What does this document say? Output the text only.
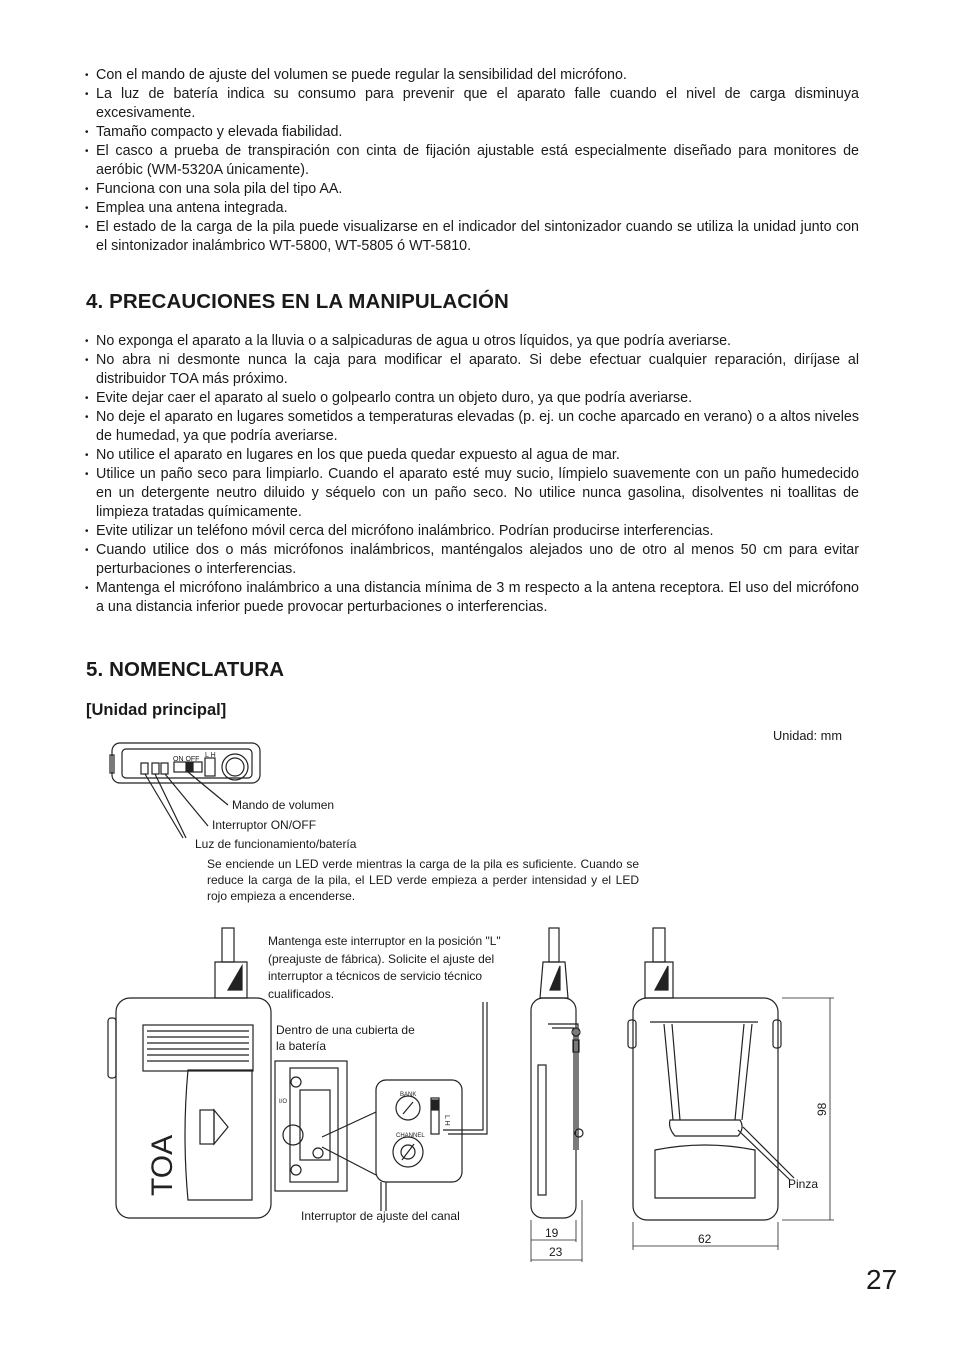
• Con el mando de ajuste del volumen se puede regular la sensibilidad del micrófono.
• La luz de batería indica su consumo para prevenir que el aparato falle cuando el nivel de carga disminuya excesivamente.
• Tamaño compacto y elevada fiabilidad.
• El casco a prueba de transpiración con cinta de fijación ajustable está especialmente diseñado para monitores de aeróbic (WM-5320A únicamente).
• Funciona con una sola pila del tipo AA.
• Emplea una antena integrada.
• El estado de la carga de la pila puede visualizarse en el indicador del sintonizador cuando se utiliza la unidad junto con el sintonizador inalámbrico WT-5800, WT-5805 ó WT-5810.
4. PRECAUCIONES EN LA MANIPULACIÓN
• No exponga el aparato a la lluvia o a salpicaduras de agua u otros líquidos, ya que podría averiarse.
• No abra ni desmonte nunca la caja para modificar el aparato. Si debe efectuar cualquier reparación, diríjase al distribuidor TOA más próximo.
• Evite dejar caer el aparato al suelo o golpearlo contra un objeto duro, ya que podría averiarse.
• No deje el aparato en lugares sometidos a temperaturas elevadas (p. ej. un coche aparcado en verano) o a altos niveles de humedad, ya que podría averiarse.
• No utilice el aparato en lugares en los que pueda quedar expuesto al agua de mar.
• Utilice un paño seco para limpiarlo. Cuando el aparato esté muy sucio, límpielo suavemente con un paño humedecido en un detergente neutro diluido y séquelo con un paño seco. No utilice nunca gasolina, disolventes ni toallitas de limpieza tratadas químicamente.
• Evite utilizar un teléfono móvil cerca del micrófono inalámbrico. Podrían producirse interferencias.
• Cuando utilice dos o más micrófonos inalámbricos, manténgalos alejados uno de otro al menos 50 cm para evitar perturbaciones o interferencias.
• Mantenga el micrófono inalámbrico a una distancia mínima de 3 m respecto a la antena receptora. El uso del micrófono a una distancia inferior puede provocar perturbaciones o interferencias.
5. NOMENCLATURA
[Unidad principal]
Unidad: mm
ON OFF
L H
I/O
BANK
CHANNEL
L H
TOA
19
23
62
98
Mando de volumen
Interruptor ON/OFF
Luz de funcionamiento/batería
Se enciende un LED verde mientras la carga de la pila es suficiente. Cuando se reduce la carga de la pila, el LED verde empieza a perder intensidad y el LED rojo empieza a encenderse.
Mantenga este interruptor en la posición "L" (preajuste de fábrica). Solicite el ajuste del interruptor a técnicos de servicio técnico cualificados.
Dentro de una cubierta de la batería
Interruptor de ajuste del canal
Pinza
27
